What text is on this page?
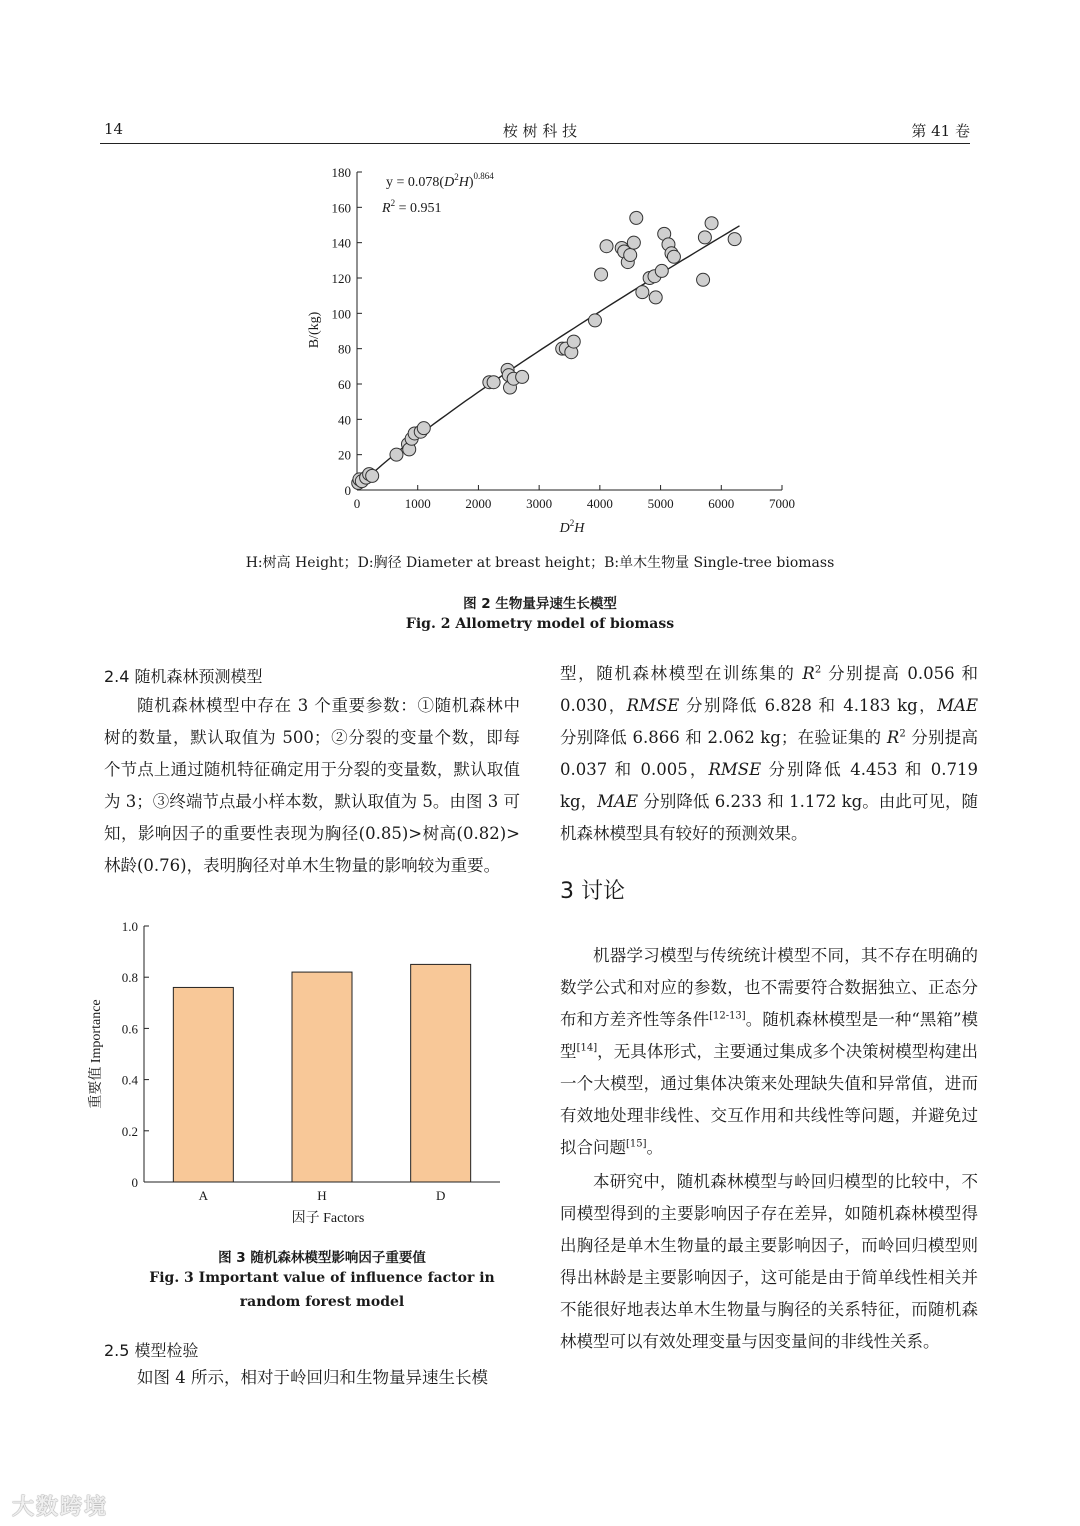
14	桉 树 科 技	第 41 卷
0
20
40
60
80
100
120
140
160
180
0	1000	2000	3000	4000	5000	6000	7000
$y = 0.078(D^2H)^{0.864}$
$R^2 = 0.951$
B/(kg)
$D^2H$
H:树高 Height；D:胸径 Diameter at breast height；B:单木生物量 Single-tree biomass
图 2 生物量异速生长模型
Fig. 2 Allometry model of biomass
2.4 随机森林预测模型
随机森林模型中存在 3 个重要参数：①随机森林中树的数量，默认取值为 500；②分裂的变量个数，即每个节点上通过随机特征确定用于分裂的变量数，默认取值为 3；③终端节点最小样本数，默认取值为 5。由图 3 可知，影响因子的重要性表现为胸径(0.85)>树高(0.82)>林龄(0.76)，表明胸径对单木生物量的影响较为重要。
0
0.2
0.4
0.6
0.8
1.0
A	H	D
重要值 Importance
因子 Factors
图 3 随机森林模型影响因子重要值
Fig. 3 Important value of influence factor in
random forest model
2.5 模型检验
如图 4 所示，相对于岭回归和生物量异速生长模
型，随机森林模型在训练集的 $R^2$ 分别提高 0.056 和 0.030，RMSE 分别降低 6.828 和 4.183 kg，MAE 分别降低 6.866 和 2.062 kg；在验证集的 $R^2$ 分别提高 0.037 和 0.005，RMSE 分别降低 4.453 和 0.719 kg，MAE 分别降低 6.233 和 1.172 kg。由此可见，随机森林模型具有较好的预测效果。
3 讨论
机器学习模型与传统统计模型不同，其不存在明确的数学公式和对应的参数，也不需要符合数据独立、正态分布和方差齐性等条件[12-13]。随机森林模型是一种“黑箱”模型[14]，无具体形式，主要通过集成多个决策树模型构建出一个大模型，通过集体决策来处理缺失值和异常值，进而有效地处理非线性、交互作用和共线性等问题，并避免过拟合问题[15]。
本研究中，随机森林模型与岭回归模型的比较中，不同模型得到的主要影响因子存在差异，如随机森林模型得出胸径是单木生物量的最主要影响因子，而岭回归模型则得出林龄是主要影响因子，这可能是由于简单线性相关并不能很好地表达单木生物量与胸径的关系特征，而随机森林模型可以有效处理变量与因变量间的非线性关系。
大数跨境
